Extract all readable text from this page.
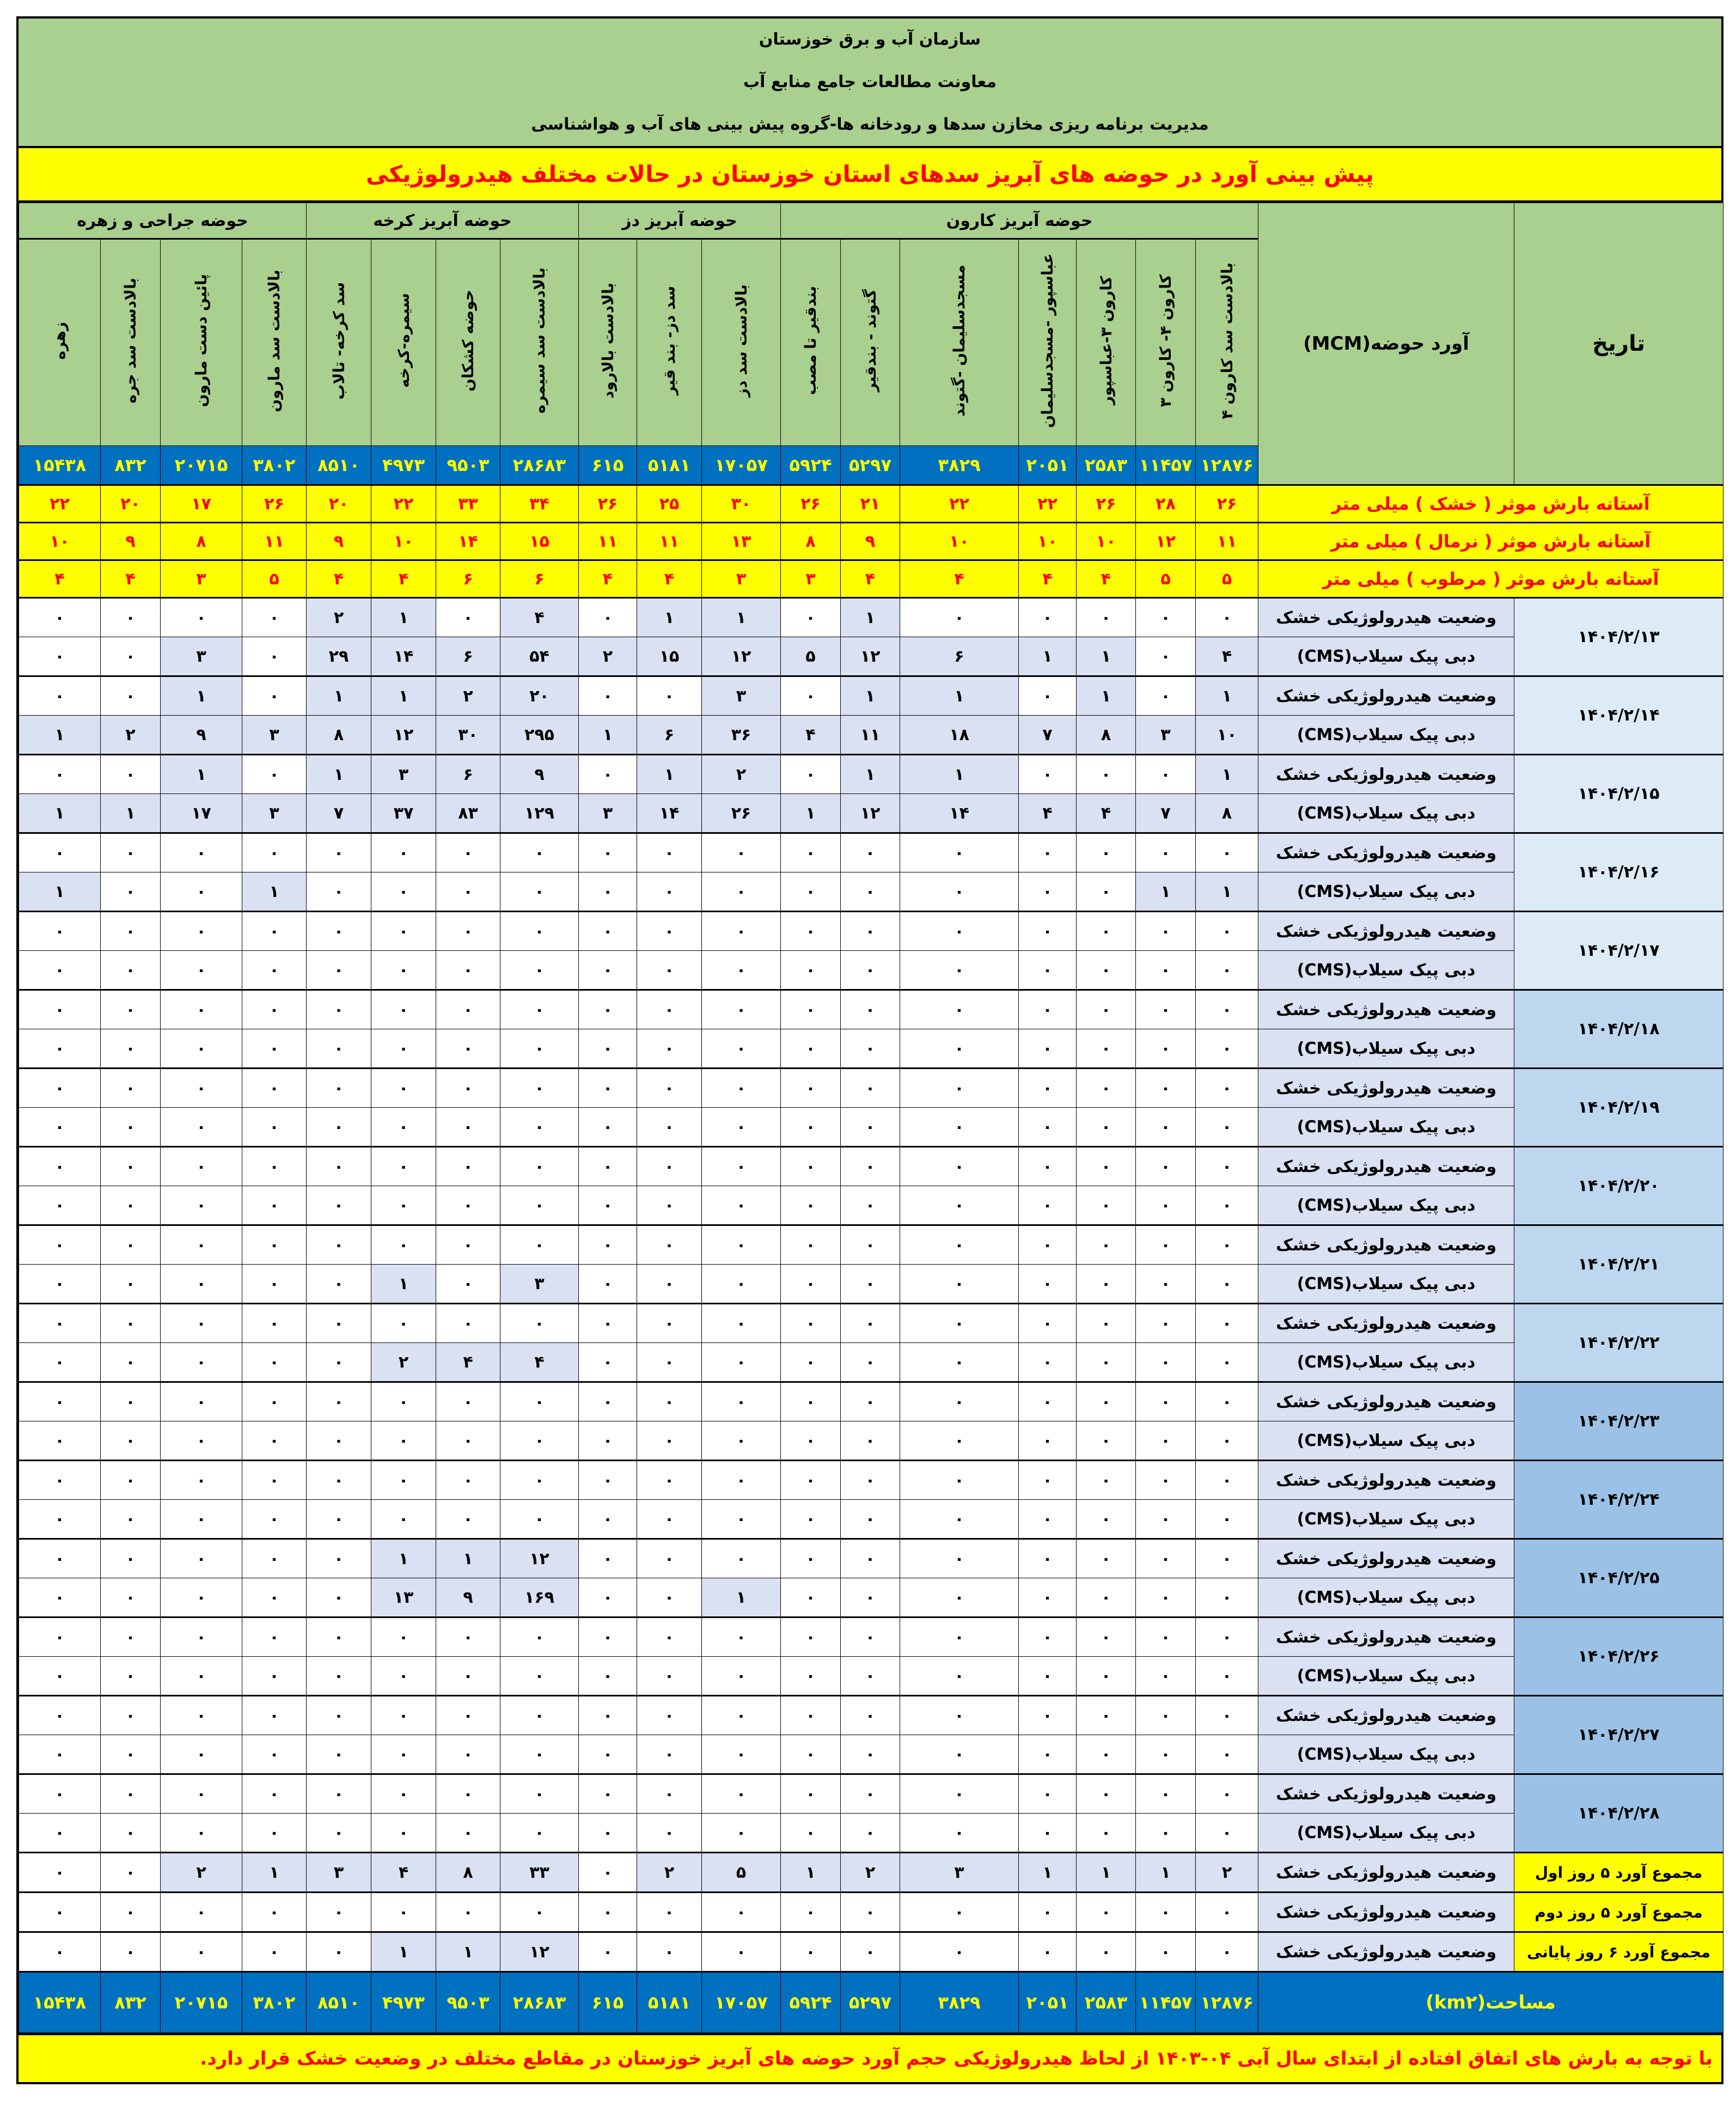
سازمان آب و برق خوزستان
معاونت مطالعات جامع منابع آب
مدیریت برنامه ریزی مخازن سدها و رودخانه ها-گروه پیش بینی های آب و هواشناسی
پیش بینی آورد در حوضه های آبریز سدهای استان خوزستان در حالات مختلف هیدرولوژیکی
تاریخ	آورد حوضه(MCM)	حوضه آبریز کارون							حوضه آبریز دز			حوضه آبریز کرخه				حوضه جراحی و زهره			
		بالادست سد کارون ۴	کارون ۴- کارون ۳	کارون ۳-عباسپور	عباسپور -مسجدسلیمان	مسجدسلیمان -گتوند	گتوند - بندقیر	بندقیر تا مصب	بالادست سد دز	سد دز- بند قیر	بالادست بالارود	بالادست سد سیمره	حوضه کشکان	سیمره-کرخه	سد کرخه- تالاب	بالادست سد مارون	پائین دست مارون	بالادست سد جره	زهره
		۱۲۸۷۶	۱۱۴۵۷	۲۵۸۳	۲۰۵۱	۳۸۲۹	۵۲۹۷	۵۹۲۴	۱۷۰۵۷	۵۱۸۱	۶۱۵	۲۸۶۸۳	۹۵۰۳	۴۹۷۳	۸۵۱۰	۳۸۰۲	۲۰۷۱۵	۸۳۲	۱۵۴۳۸
آستانه بارش موثر ( خشک ) میلی متر		۲۶	۲۸	۲۶	۲۲	۲۲	۲۱	۲۶	۳۰	۲۵	۲۶	۳۴	۳۳	۲۲	۲۰	۲۶	۱۷	۲۰	۲۲
آستانه بارش موثر ( نرمال ) میلی متر		۱۱	۱۲	۱۰	۱۰	۱۰	۹	۸	۱۳	۱۱	۱۱	۱۵	۱۴	۱۰	۹	۱۱	۸	۹	۱۰
آستانه بارش موثر ( مرطوب ) میلی متر		۵	۵	۴	۴	۴	۴	۳	۳	۴	۴	۶	۶	۴	۴	۵	۳	۴	۴
۱۴۰۴/۲/۱۳	وضعیت هیدرولوژیکی خشک	۰	۰	۰	۰	۰	۱	۰	۱	۱	۰	۴	۰	۱	۲	۰	۰	۰	۰
	دبی پیک سیلاب(CMS)	۴	۰	۱	۱	۶	۱۲	۵	۱۲	۱۵	۲	۵۴	۶	۱۴	۲۹	۰	۳	۰	۰
۱۴۰۴/۲/۱۴	وضعیت هیدرولوژیکی خشک	۱	۰	۱	۰	۱	۱	۰	۳	۰	۰	۲۰	۲	۱	۱	۰	۱	۰	۰
	دبی پیک سیلاب(CMS)	۱۰	۳	۸	۷	۱۸	۱۱	۴	۳۶	۶	۱	۲۹۵	۳۰	۱۲	۸	۳	۹	۲	۱
۱۴۰۴/۲/۱۵	وضعیت هیدرولوژیکی خشک	۱	۰	۰	۰	۱	۱	۰	۲	۱	۰	۹	۶	۳	۱	۰	۱	۰	۰
	دبی پیک سیلاب(CMS)	۸	۷	۴	۴	۱۴	۱۲	۱	۲۶	۱۴	۳	۱۲۹	۸۳	۳۷	۷	۳	۱۷	۱	۱
۱۴۰۴/۲/۱۶	وضعیت هیدرولوژیکی خشک	۰	۰	۰	۰	۰	۰	۰	۰	۰	۰	۰	۰	۰	۰	۰	۰	۰	۰
	دبی پیک سیلاب(CMS)	۱	۱	۰	۰	۰	۰	۰	۰	۰	۰	۰	۰	۰	۰	۱	۰	۰	۱
۱۴۰۴/۲/۱۷	وضعیت هیدرولوژیکی خشک	۰	۰	۰	۰	۰	۰	۰	۰	۰	۰	۰	۰	۰	۰	۰	۰	۰	۰
	دبی پیک سیلاب(CMS)	۰	۰	۰	۰	۰	۰	۰	۰	۰	۰	۰	۰	۰	۰	۰	۰	۰	۰
۱۴۰۴/۲/۱۸	وضعیت هیدرولوژیکی خشک	۰	۰	۰	۰	۰	۰	۰	۰	۰	۰	۰	۰	۰	۰	۰	۰	۰	۰
	دبی پیک سیلاب(CMS)	۰	۰	۰	۰	۰	۰	۰	۰	۰	۰	۰	۰	۰	۰	۰	۰	۰	۰
۱۴۰۴/۲/۱۹	وضعیت هیدرولوژیکی خشک	۰	۰	۰	۰	۰	۰	۰	۰	۰	۰	۰	۰	۰	۰	۰	۰	۰	۰
	دبی پیک سیلاب(CMS)	۰	۰	۰	۰	۰	۰	۰	۰	۰	۰	۰	۰	۰	۰	۰	۰	۰	۰
۱۴۰۴/۲/۲۰	وضعیت هیدرولوژیکی خشک	۰	۰	۰	۰	۰	۰	۰	۰	۰	۰	۰	۰	۰	۰	۰	۰	۰	۰
	دبی پیک سیلاب(CMS)	۰	۰	۰	۰	۰	۰	۰	۰	۰	۰	۰	۰	۰	۰	۰	۰	۰	۰
۱۴۰۴/۲/۲۱	وضعیت هیدرولوژیکی خشک	۰	۰	۰	۰	۰	۰	۰	۰	۰	۰	۰	۰	۰	۰	۰	۰	۰	۰
	دبی پیک سیلاب(CMS)	۰	۰	۰	۰	۰	۰	۰	۰	۰	۰	۳	۰	۱	۰	۰	۰	۰	۰
۱۴۰۴/۲/۲۲	وضعیت هیدرولوژیکی خشک	۰	۰	۰	۰	۰	۰	۰	۰	۰	۰	۰	۰	۰	۰	۰	۰	۰	۰
	دبی پیک سیلاب(CMS)	۰	۰	۰	۰	۰	۰	۰	۰	۰	۰	۴	۴	۲	۰	۰	۰	۰	۰
۱۴۰۴/۲/۲۳	وضعیت هیدرولوژیکی خشک	۰	۰	۰	۰	۰	۰	۰	۰	۰	۰	۰	۰	۰	۰	۰	۰	۰	۰
	دبی پیک سیلاب(CMS)	۰	۰	۰	۰	۰	۰	۰	۰	۰	۰	۰	۰	۰	۰	۰	۰	۰	۰
۱۴۰۴/۲/۲۴	وضعیت هیدرولوژیکی خشک	۰	۰	۰	۰	۰	۰	۰	۰	۰	۰	۰	۰	۰	۰	۰	۰	۰	۰
	دبی پیک سیلاب(CMS)	۰	۰	۰	۰	۰	۰	۰	۰	۰	۰	۰	۰	۰	۰	۰	۰	۰	۰
۱۴۰۴/۲/۲۵	وضعیت هیدرولوژیکی خشک	۰	۰	۰	۰	۰	۰	۰	۰	۰	۰	۱۲	۱	۱	۰	۰	۰	۰	۰
	دبی پیک سیلاب(CMS)	۰	۰	۰	۰	۰	۰	۰	۱	۰	۰	۱۶۹	۹	۱۳	۰	۰	۰	۰	۰
۱۴۰۴/۲/۲۶	وضعیت هیدرولوژیکی خشک	۰	۰	۰	۰	۰	۰	۰	۰	۰	۰	۰	۰	۰	۰	۰	۰	۰	۰
	دبی پیک سیلاب(CMS)	۰	۰	۰	۰	۰	۰	۰	۰	۰	۰	۰	۰	۰	۰	۰	۰	۰	۰
۱۴۰۴/۲/۲۷	وضعیت هیدرولوژیکی خشک	۰	۰	۰	۰	۰	۰	۰	۰	۰	۰	۰	۰	۰	۰	۰	۰	۰	۰
	دبی پیک سیلاب(CMS)	۰	۰	۰	۰	۰	۰	۰	۰	۰	۰	۰	۰	۰	۰	۰	۰	۰	۰
۱۴۰۴/۲/۲۸	وضعیت هیدرولوژیکی خشک	۰	۰	۰	۰	۰	۰	۰	۰	۰	۰	۰	۰	۰	۰	۰	۰	۰	۰
	دبی پیک سیلاب(CMS)	۰	۰	۰	۰	۰	۰	۰	۰	۰	۰	۰	۰	۰	۰	۰	۰	۰	۰
مجموع آورد ۵ روز اول	وضعیت هیدرولوژیکی خشک	۲	۱	۱	۱	۳	۲	۱	۵	۲	۰	۳۳	۸	۴	۳	۱	۲	۰	۰
مجموع آورد ۵ روز دوم	وضعیت هیدرولوژیکی خشک	۰	۰	۰	۰	۰	۰	۰	۰	۰	۰	۰	۰	۰	۰	۰	۰	۰	۰
مجموع آورد ۶ روز پایانی	وضعیت هیدرولوژیکی خشک	۰	۰	۰	۰	۰	۰	۰	۰	۰	۰	۱۲	۱	۱	۰	۰	۰	۰	۰
مساحت(km۲)		۱۲۸۷۶	۱۱۴۵۷	۲۵۸۳	۲۰۵۱	۳۸۲۹	۵۲۹۷	۵۹۲۴	۱۷۰۵۷	۵۱۸۱	۶۱۵	۲۸۶۸۳	۹۵۰۳	۴۹۷۳	۸۵۱۰	۳۸۰۲	۲۰۷۱۵	۸۳۲	۱۵۴۳۸
با توجه به بارش های اتفاق افتاده از ابتدای سال آبی ۰۴-۱۴۰۳ از لحاظ هیدرولوژیکی حجم آورد حوضه های آبریز خوزستان در مقاطع مختلف در وضعیت خشک قرار دارد.
